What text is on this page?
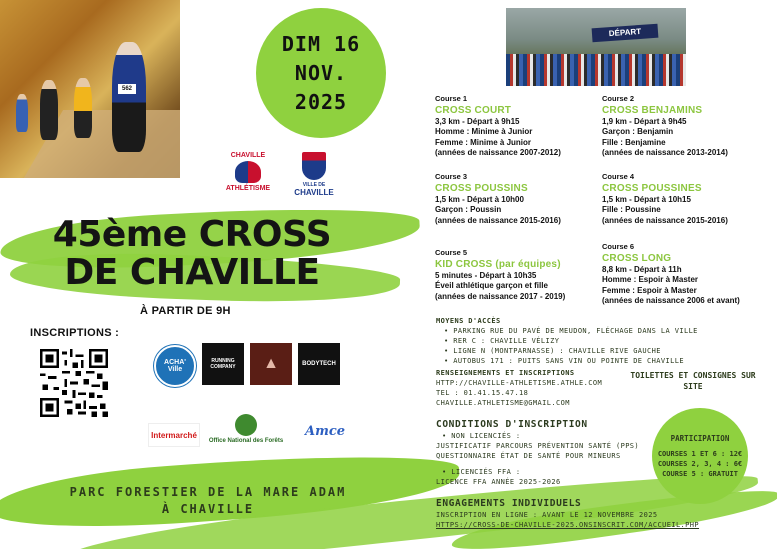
562
DÉPART
DIM 16
NOV.
2025
CHAVILLE
ATHLÉTISME
VILLE DE
CHAVILLE
45ème CROSS
DE CHAVILLE
À PARTIR DE 9H
INSCRIPTIONS :
ACHA' Ville
RUNNING COMPANY	▲	BODYTECH
Intermarché
Office National des Forêts
Amce
PARC FORESTIER DE LA MARE ADAM
À CHAVILLE
Course 1
CROSS COURT
3,3 km - Départ à 9h15
Homme : Minime à Junior
Femme : Minime à Junior
(années de naissance 2007-2012)
Course 2
CROSS BENJAMINS
1,9 km - Départ à 9h45
Garçon : Benjamin
Fille : Benjamine
(années de naissance 2013-2014)
Course 3
CROSS POUSSINS
1,5 km - Départ à 10h00
Garçon : Poussin
(années de naissance 2015-2016)
Course 4
CROSS POUSSINES
1,5 km - Départ à 10h15
Fille : Poussine
(années de naissance 2015-2016)
Course 5
KID CROSS (par équipes)
5 minutes - Départ à 10h35
Éveil athlétique garçon et fille
(années de naissance 2017 - 2019)
Course 6
CROSS LONG
8,8 km - Départ à 11h
Homme : Espoir à Master
Femme : Espoir à Master
(années de naissance 2006 et avant)
MOYENS D'ACCÈS
• PARKING RUE DU PAVÉ DE MEUDON, FLÉCHAGE DANS LA VILLE
• RER C : CHAVILLE VÉLIZY
• LIGNE N (MONTPARNASSE) : CHAVILLE RIVE GAUCHE
• AUTOBUS 171 : PUITS SANS VIN OU POINTE DE CHAVILLE
RENSEIGNEMENTS ET INSCRIPTIONS
HTTP://CHAVILLE-ATHLETISME.ATHLE.COM
TEL : 01.41.15.47.18
CHAVILLE.ATHLETISME@GMAIL.COM
TOILETTES ET CONSIGNES SUR SITE
CONDITIONS D'INSCRIPTION
• NON LICENCIÉS :
JUSTIFICATIF PARCOURS PRÉVENTION SANTÉ (PPS)
QUESTIONNAIRE ÉTAT DE SANTÉ POUR MINEURS
• LICENCIÉS FFA :
LICENCE FFA ANNÉE 2025-2026
PARTICIPATION
COURSES 1 ET 6 : 12€
COURSES 2, 3, 4 : 6€
COURSE 5 : GRATUIT
ENGAGEMENTS INDIVIDUELS
INSCRIPTION EN LIGNE : AVANT LE 12 NOVEMBRE 2025
HTTPS://CROSS-DE-CHAVILLE-2025.ONSINSCRIT.COM/ACCUEIL.PHP
